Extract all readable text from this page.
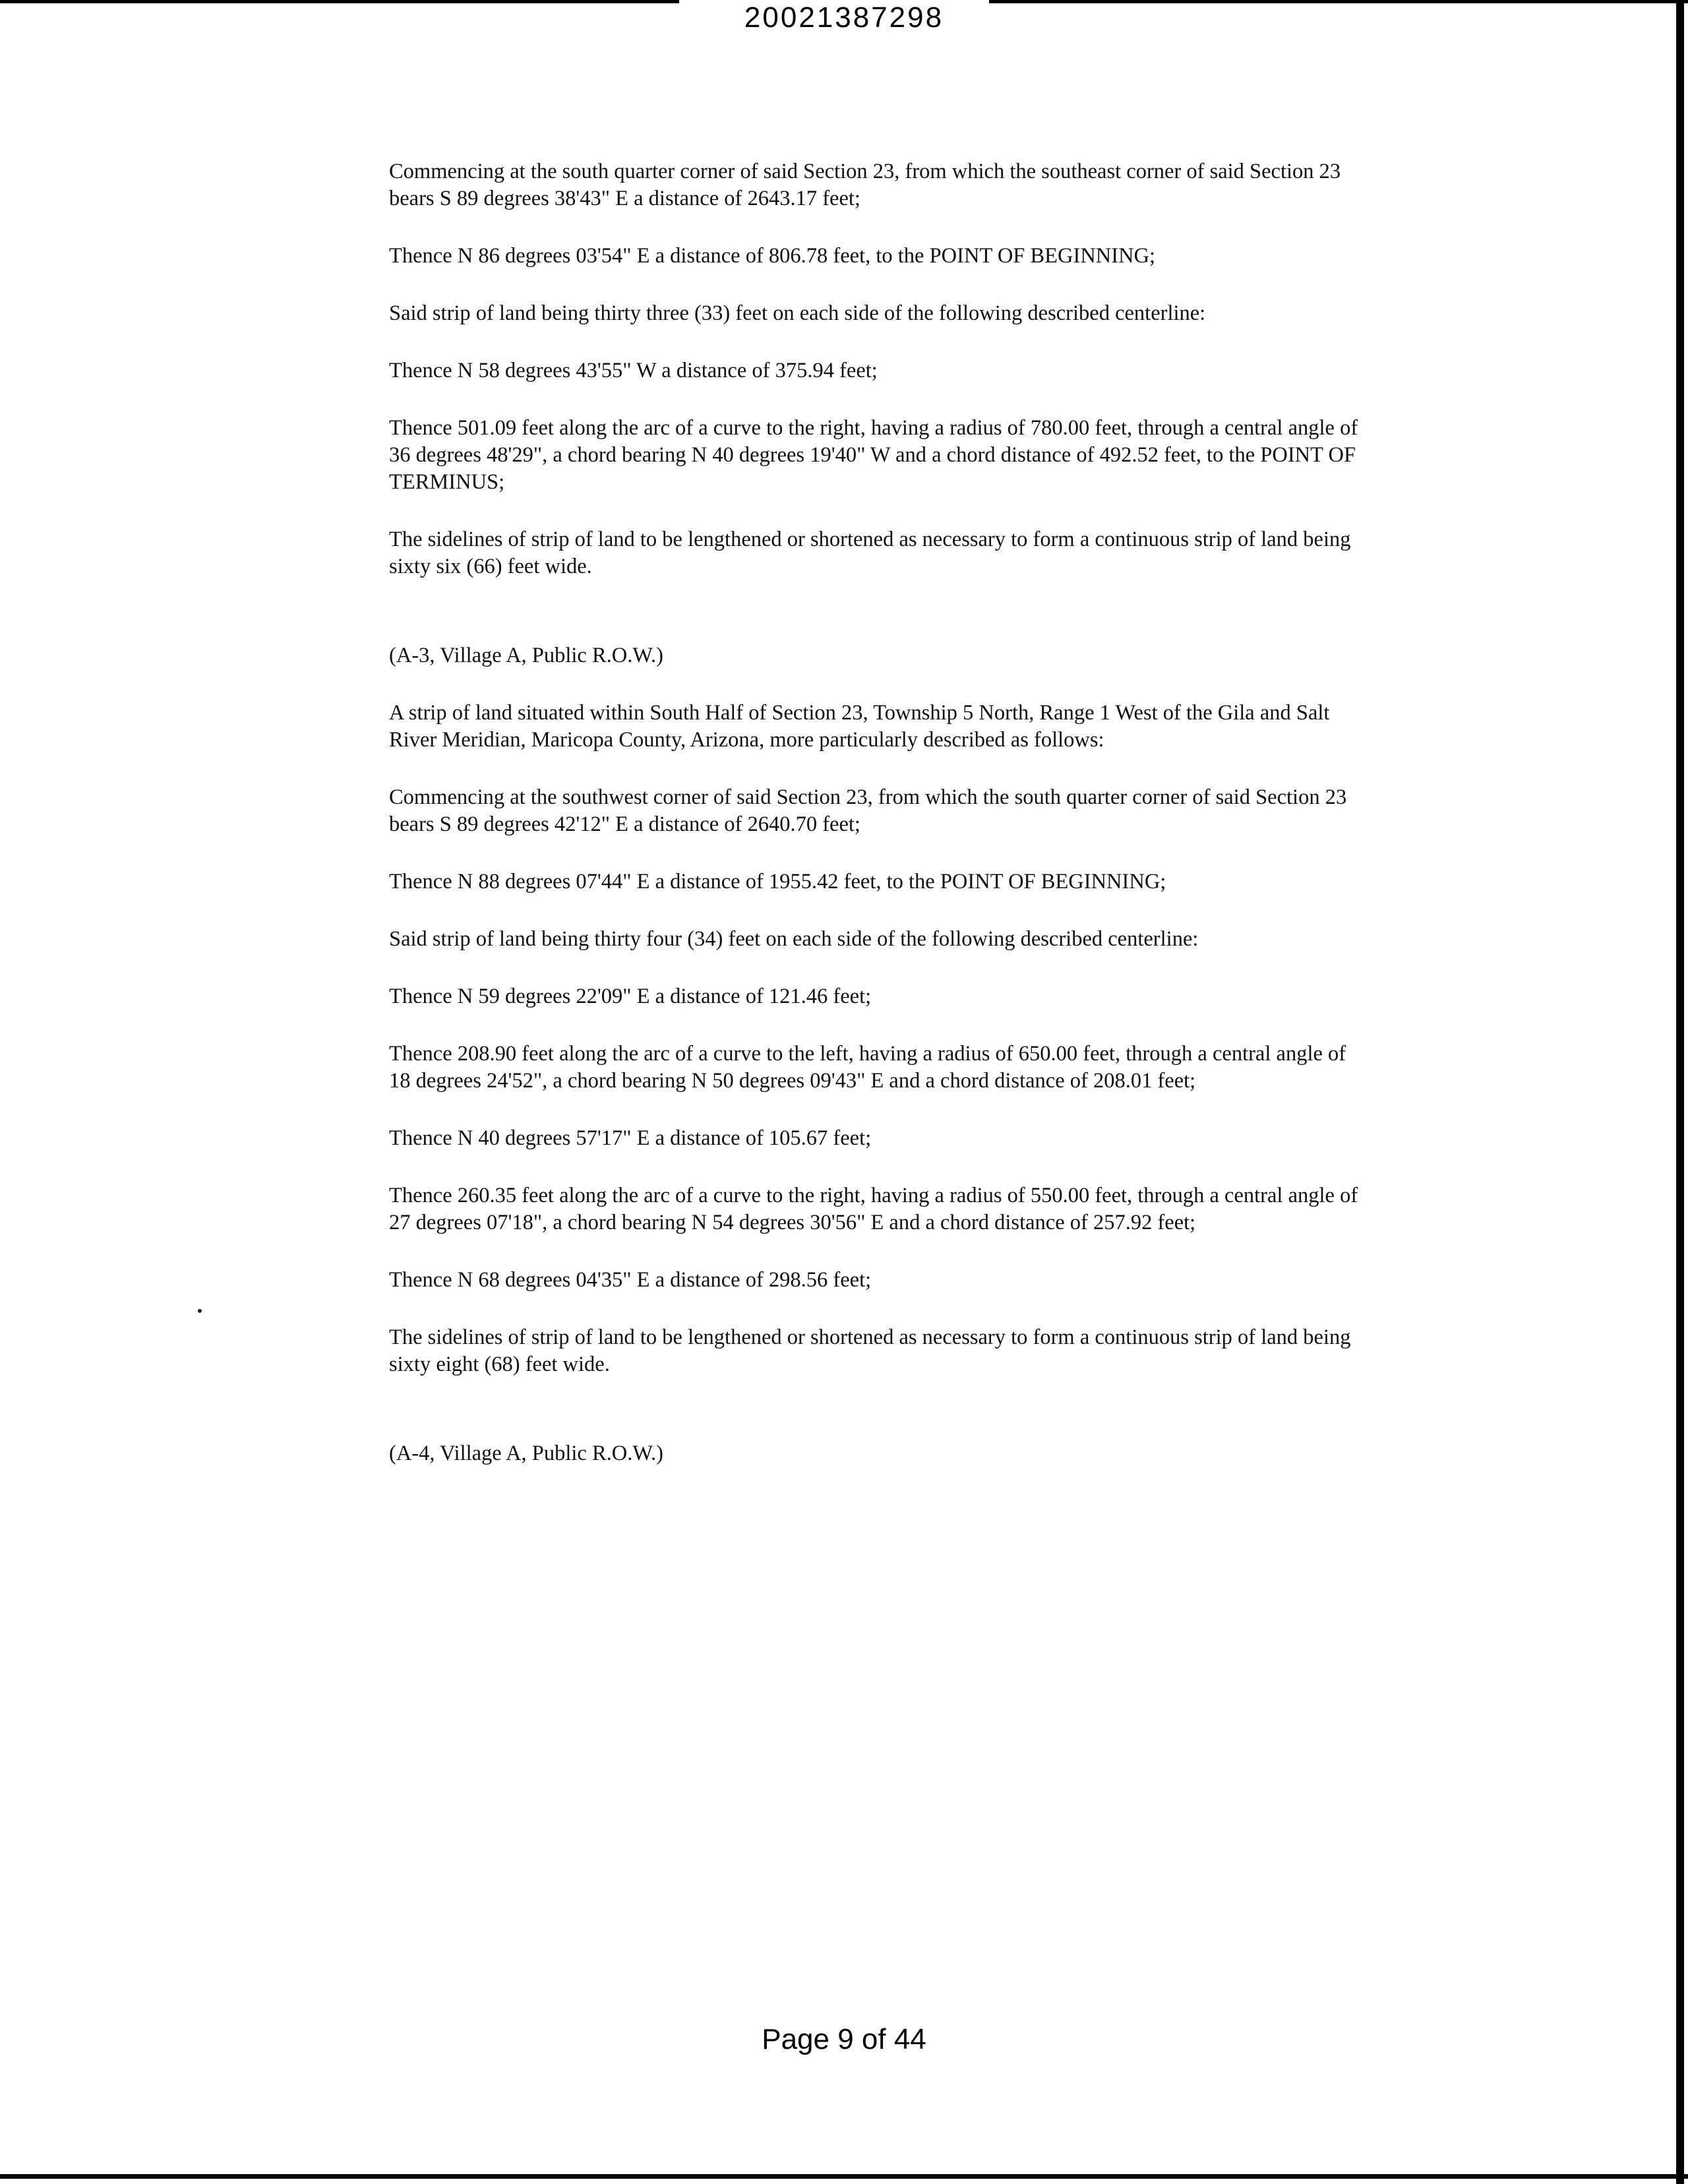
20021387298

Commencing at the south quarter corner of said Section 23, from which the southeast corner of said Section 23 bears S 89 degrees 38'43" E a distance of 2643.17 feet;

Thence N 86 degrees 03'54" E a distance of 806.78 feet, to the POINT OF BEGINNING;

Said strip of land being thirty three (33) feet on each side of the following described centerline:

Thence N 58 degrees 43'55" W a distance of 375.94 feet;

Thence 501.09 feet along the arc of a curve to the right, having a radius of 780.00 feet, through a central angle of 36 degrees 48'29", a chord bearing N 40 degrees 19'40" W and a chord distance of 492.52 feet, to the POINT OF TERMINUS;

The sidelines of strip of land to be lengthened or shortened as necessary to form a continuous strip of land being sixty six (66) feet wide.

(A-3, Village A, Public R.O.W.)

A strip of land situated within South Half of Section 23, Township 5 North, Range 1 West of the Gila and Salt River Meridian, Maricopa County, Arizona, more particularly described as follows:

Commencing at the southwest corner of said Section 23, from which the south quarter corner of said Section 23 bears S 89 degrees 42'12" E a distance of 2640.70 feet;

Thence N 88 degrees 07'44" E a distance of 1955.42 feet, to the POINT OF BEGINNING;

Said strip of land being thirty four (34) feet on each side of the following described centerline:

Thence N 59 degrees 22'09" E a distance of 121.46 feet;

Thence 208.90 feet along the arc of a curve to the left, having a radius of 650.00 feet, through a central angle of 18 degrees 24'52", a chord bearing N 50 degrees 09'43" E and a chord distance of 208.01 feet;

Thence N 40 degrees 57'17" E a distance of 105.67 feet;

Thence 260.35 feet along the arc of a curve to the right, having a radius of 550.00 feet, through a central angle of 27 degrees 07'18", a chord bearing N 54 degrees 30'56" E and a chord distance of 257.92 feet;

Thence N 68 degrees 04'35" E a distance of 298.56 feet;

The sidelines of strip of land to be lengthened or shortened as necessary to form a continuous strip of land being sixty eight (68) feet wide.

(A-4, Village A, Public R.O.W.)

Page 9 of 44
